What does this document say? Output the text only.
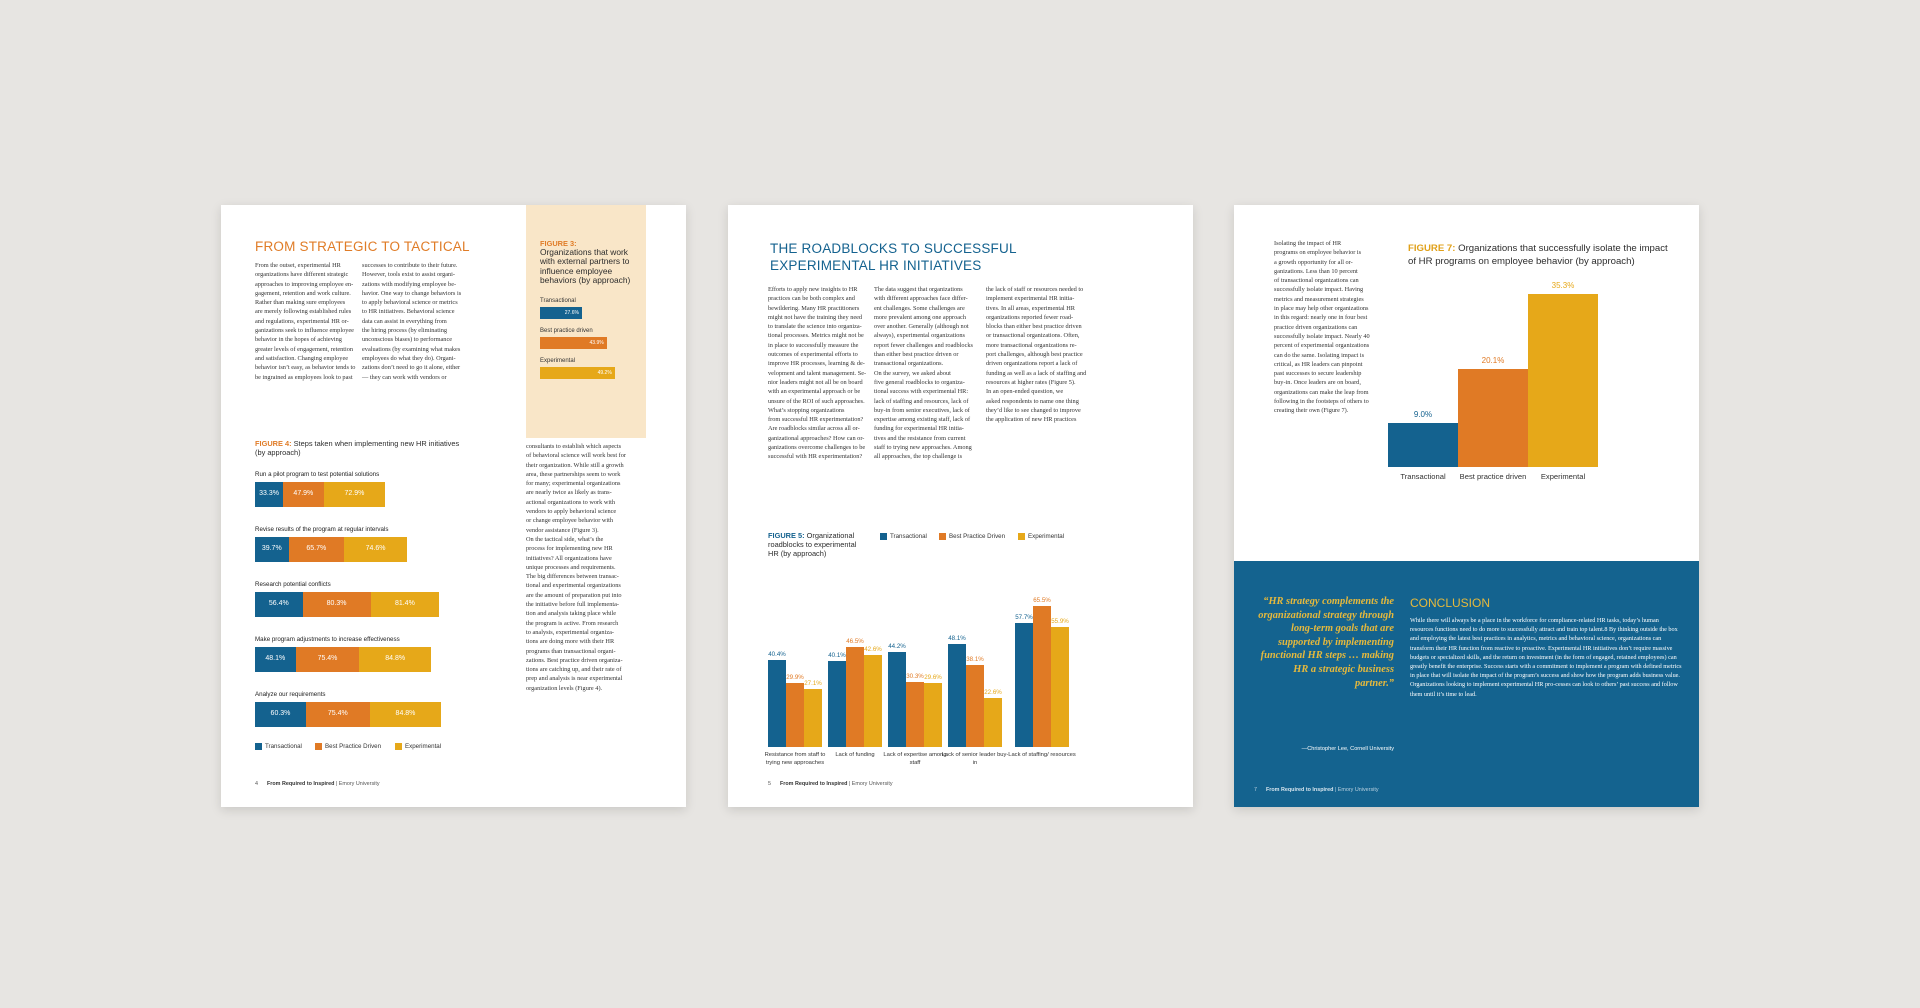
FROM STRATEGIC TO TACTICAL
From the outset, experimental HR
organizations have different strategic
approaches to improving employee en-
gagement, retention and work culture.
Rather than making sure employees
are merely following established rules
and regulations, experimental HR or-
ganizations seek to influence employee
behavior in the hopes of achieving
greater levels of engagement, retention
and satisfaction. Changing employee
behavior isn’t easy, as behavior tends to
be ingrained as employees look to past
successes to contribute to their future.
However, tools exist to assist organi-
zations with modifying employee be-
havior. One way to change behaviors is
to apply behavioral science or metrics
to HR initiatives. Behavioral science
data can assist in everything from
the hiring process (by eliminating
unconscious biases) to performance
evaluations (by examining what makes
employees do what they do). Organi-
zations don’t need to go it alone, either
— they can work with vendors or
FIGURE 3:
Organizations that work with external partners to influence employee behaviors (by approach)
Transactional
27.6%
Best practice driven
43.9%
Experimental
49.2%
FIGURE 4: Steps taken when implementing new HR initiatives (by approach)
Run a pilot program to test potential solutions
33.3%	47.9%	72.9%
Revise results of the program at regular intervals
39.7%	65.7%	74.6%
Research potential conflicts
56.4%	80.3%	81.4%
Make program adjustments to increase effectiveness
48.1%	75.4%	84.8%
Analyze our requirements
60.3%	75.4%	84.8%
Transactional	Best Practice Driven	Experimental
consultants to establish which aspects
of behavioral science will work best for
their organization. While still a growth
area, these partnerships seem to work
for many; experimental organizations
are nearly twice as likely as trans-
actional organizations to work with
vendors to apply behavioral science
or change employee behavior with
vendor assistance (Figure 3).
On the tactical side, what’s the
process for implementing new HR
initiatives? All organizations have
unique processes and requirements.
The big differences between transac-
tional and experimental organizations
are the amount of preparation put into
the initiative before full implementa-
tion and analysis taking place while
the program is active. From research
to analysis, experimental organiza-
tions are doing more with their HR
programs than transactional organi-
zations. Best practice driven organiza-
tions are catching up, and their rate of
prep and analysis is near experimental
organization levels (Figure 4).
4 From Required to Inspired | Emory University
THE ROADBLOCKS TO SUCCESSFUL
EXPERIMENTAL HR INITIATIVES
Efforts to apply new insights to HR
practices can be both complex and
bewildering. Many HR practitioners
might not have the training they need
to translate the science into organiza-
tional processes. Metrics might not be
in place to successfully measure the
outcomes of experimental efforts to
improve HR processes, learning & de-
velopment and talent management. Se-
nior leaders might not all be on board
with an experimental approach or be
unsure of the ROI of such approaches.
What’s stopping organizations
from successful HR experimentation?
Are roadblocks similar across all or-
ganizational approaches? How can or-
ganizations overcome challenges to be
successful with HR experimentation?
The data suggest that organizations
with different approaches face differ-
ent challenges. Some challenges are
more prevalent among one approach
over another. Generally (although not
always), experimental organizations
report fewer challenges and roadblocks
than either best practice driven or
transactional organizations.
On the survey, we asked about
five general roadblocks to organiza-
tional success with experimental HR:
lack of staffing and resources, lack of
buy-in from senior executives, lack of
expertise among existing staff, lack of
funding for experimental HR initia-
tives and the resistance from current
staff to trying new approaches. Among
all approaches, the top challenge is
the lack of staff or resources needed to
implement experimental HR initia-
tives. In all areas, experimental HR
organizations reported fewer road-
blocks than either best practice driven
or transactional organizations. Often,
more transactional organizations re-
port challenges, although best practice
driven organizations report a lack of
funding as well as a lack of staffing and
resources at higher rates (Figure 5).
In an open-ended question, we
asked respondents to name one thing
they’d like to see changed to improve
the application of new HR practices
FIGURE 5: Organizational roadblocks to experimental HR (by approach)
Transactional	Best Practice Driven	Experimental
40.4%	40.1%
44.2%
48.1%
57.7%
29.9%
46.5%
30.3%
38.1%
65.5%
27.1%
42.6%
29.6%
22.6%
55.9%
Resistance from staff to trying new approaches
Lack of funding	Lack of expertise among staff
Lack of senior leader buy-in
Lack of staffing/ resources
5 From Required to Inspired | Emory University
Isolating the impact of HR
programs on employee behavior is
a growth opportunity for all or-
ganizations. Less than 10 percent
of transactional organizations can
successfully isolate impact. Having
metrics and measurement strategies
in place may help other organizations
in this regard: nearly one in four best
practice driven organizations can
successfully isolate impact. Nearly 40
percent of experimental organizations
can do the same. Isolating impact is
critical, as HR leaders can pinpoint
past successes to secure leadership
buy-in. Once leaders are on board,
organizations can make the leap from
following in the footsteps of others to
creating their own (Figure 7).
FIGURE 7: Organizations that successfully isolate the impact of HR programs on employee behavior (by approach)
9.0%
Transactional
20.1%
Best practice driven
35.3%
Experimental
“HR strategy complements the organizational strategy through long-term goals that are supported by implementing functional HR steps … making HR a strategic business partner.”
—Christopher Lee, Cornell University
CONCLUSION
While there will always be a place in the workforce for compliance-related HR tasks, today’s human resources functions need to do more to successfully attract and train top talent.8 By thinking outside the box and employing the latest best practices in analytics, metrics and behavioral science, organizations can transform their HR function from reactive to proactive. Experimental HR initiatives don’t require massive budgets or specialized skills, and the return on investment (in the form of engaged, retained employees) can greatly benefit the enterprise. Success starts with a commitment to implement a program with defined metrics in place that will isolate the impact of the program’s success and show how the program adds business value. Organizations looking to implement experimental HR pro-cesses can look to others’ past success and follow them until it’s time to lead.
7 From Required to Inspired | Emory University
